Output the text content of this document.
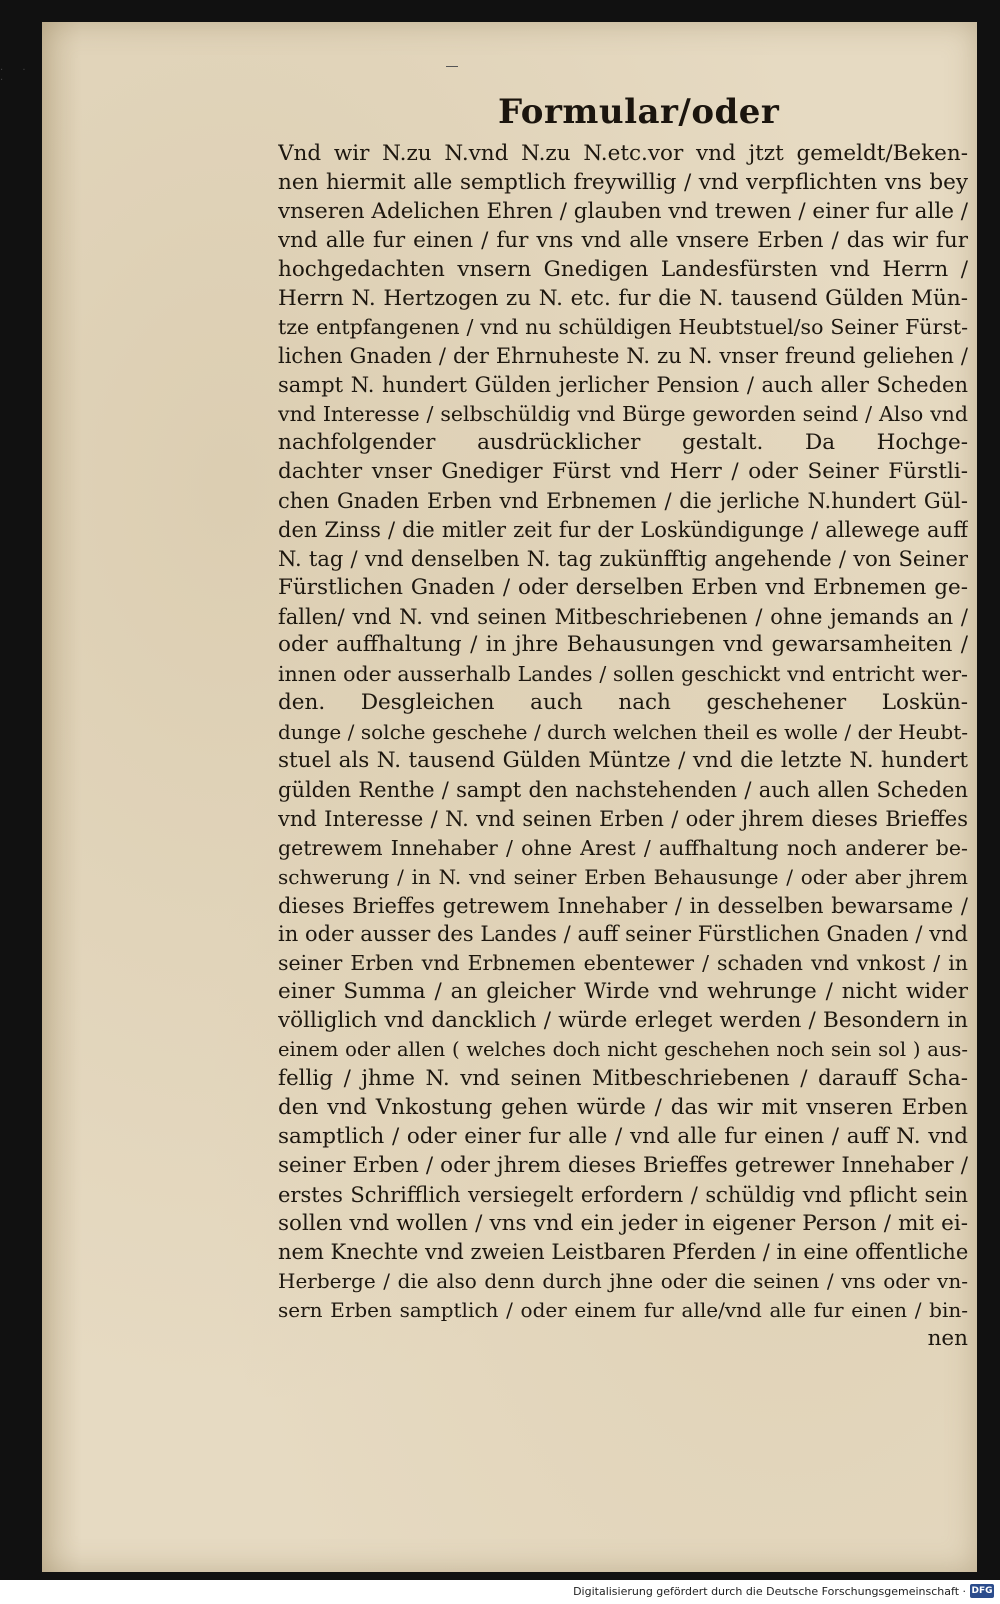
· · ·
Formular/oder
Vnd wir N.zu N.vnd N.zu N.etc.vor vnd jtzt gemeldt/Beken-
nen hiermit alle semptlich freywillig / vnd verpflichten vns bey
vnseren Adelichen Ehren / glauben vnd trewen / einer fur alle /
vnd alle fur einen / fur vns vnd alle vnsere Erben / das wir fur
hochgedachten vnsern Gnedigen Landesfürsten vnd Herrn /
Herrn N. Hertzogen zu N. etc. fur die N. tausend Gülden Mün-
tze entpfangenen / vnd nu schüldigen Heubtstuel/so Seiner Fürst-
lichen Gnaden / der Ehrnuheste N. zu N. vnser freund geliehen /
sampt N. hundert Gülden jerlicher Pension / auch aller Scheden
vnd Interesse / selbschüldig vnd Bürge geworden seind / Also vnd
nachfolgender ausdrücklicher gestalt. Da Hochge-
dachter vnser Gnediger Fürst vnd Herr / oder Seiner Fürstli-
chen Gnaden Erben vnd Erbnemen / die jerliche N.hundert Gül-
den Zinss / die mitler zeit fur der Loskündigunge / allewege auff
N. tag / vnd denselben N. tag zukünfftig angehende / von Seiner
Fürstlichen Gnaden / oder derselben Erben vnd Erbnemen ge-
fallen/ vnd N. vnd seinen Mitbeschriebenen / ohne jemands an /
oder auffhaltung / in jhre Behausungen vnd gewarsamheiten /
innen oder ausserhalb Landes / sollen geschickt vnd entricht wer-
den. Desgleichen auch nach geschehener Loskün-
dunge / solche geschehe / durch welchen theil es wolle / der Heubt-
stuel als N. tausend Gülden Müntze / vnd die letzte N. hundert
gülden Renthe / sampt den nachstehenden / auch allen Scheden
vnd Interesse / N. vnd seinen Erben / oder jhrem dieses Brieffes
getrewem Innehaber / ohne Arest / auffhaltung noch anderer be-
schwerung / in N. vnd seiner Erben Behausunge / oder aber jhrem
dieses Brieffes getrewem Innehaber / in desselben bewarsame /
in oder ausser des Landes / auff seiner Fürstlichen Gnaden / vnd
seiner Erben vnd Erbnemen ebentewer / schaden vnd vnkost / in
einer Summa / an gleicher Wirde vnd wehrunge / nicht wider
völliglich vnd dancklich / würde erleget werden / Besondern in
einem oder allen ( welches doch nicht geschehen noch sein sol ) aus-
fellig / jhme N. vnd seinen Mitbeschriebenen / darauff Scha-
den vnd Vnkostung gehen würde / das wir mit vnseren Erben
samptlich / oder einer fur alle / vnd alle fur einen / auff N. vnd
seiner Erben / oder jhrem dieses Brieffes getrewer Innehaber /
erstes Schrifflich versiegelt erfordern / schüldig vnd pflicht sein
sollen vnd wollen / vns vnd ein jeder in eigener Person / mit ei-
nem Knechte vnd zweien Leistbaren Pferden / in eine offentliche
Herberge / die also denn durch jhne oder die seinen / vns oder vn-
sern Erben samptlich / oder einem fur alle/vnd alle fur einen / bin-
nen
Digitalisierung gefördert durch die Deutsche Forschungsgemeinschaft · DFG
